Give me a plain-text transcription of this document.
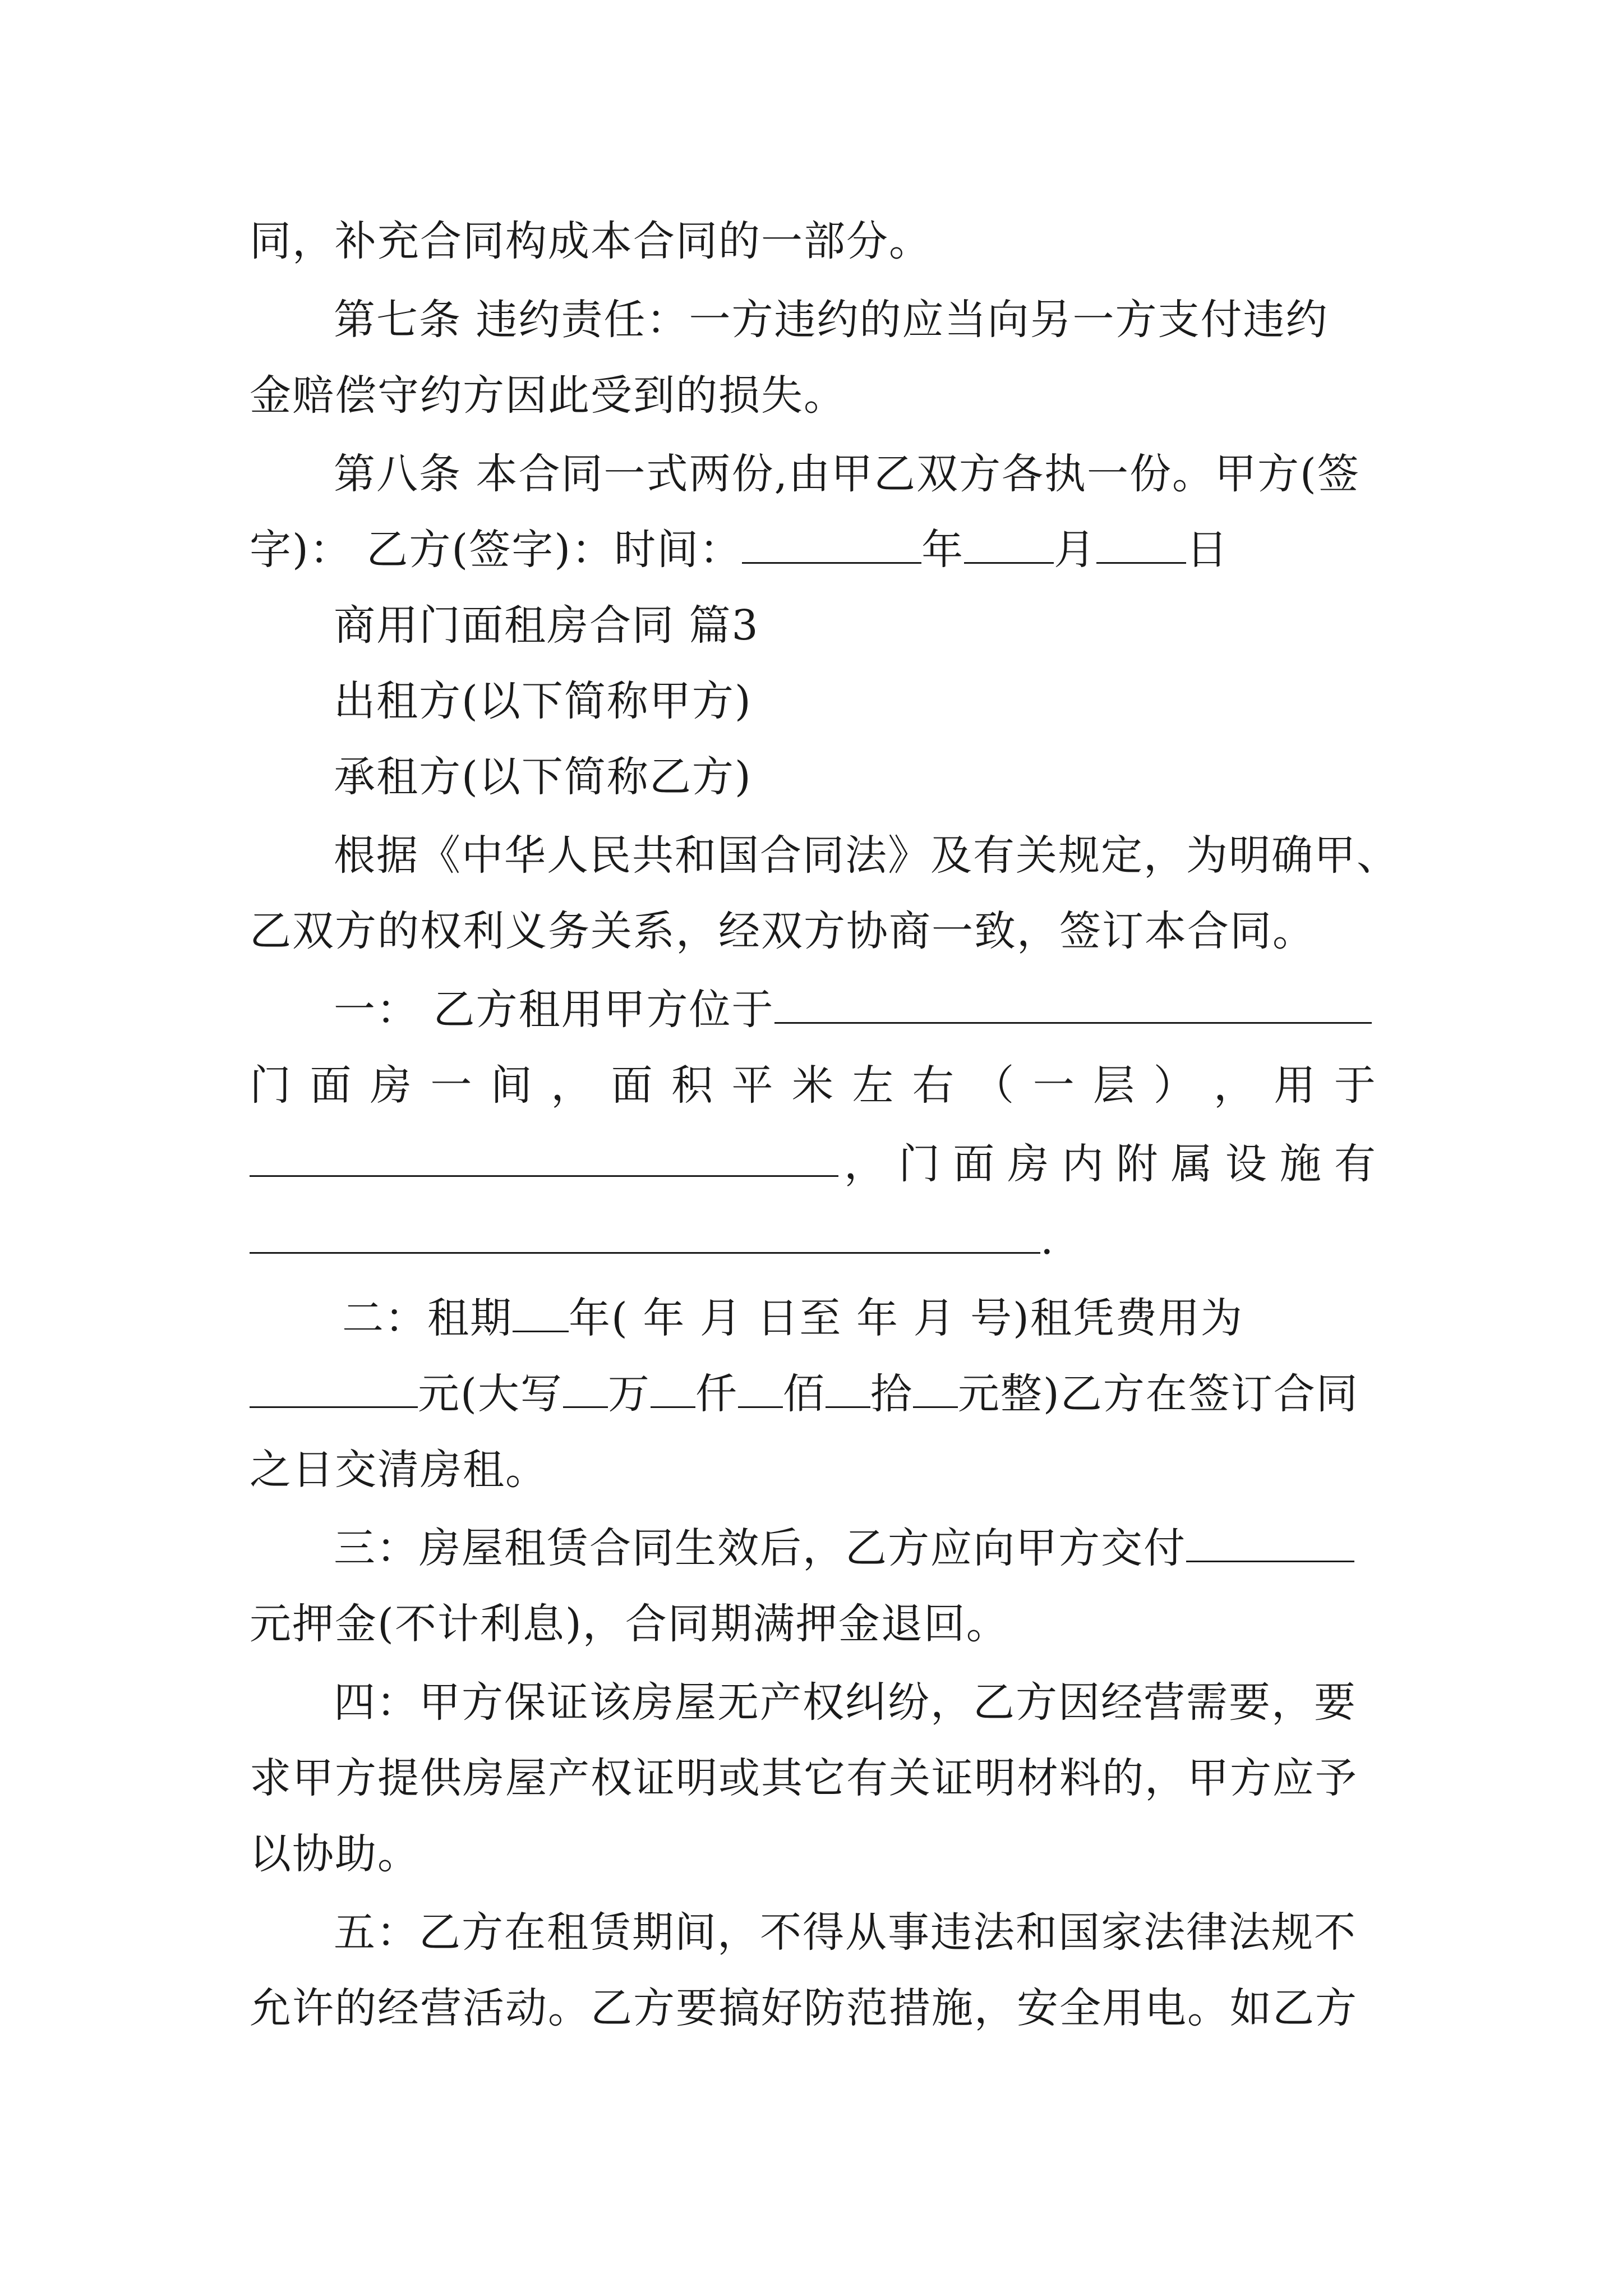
同，补充合同构成本合同的一部分。
第七条 违约责任：一方违约的应当向另一方支付违约
金赔偿守约方因此受到的损失。
第八条 本合同一式两份,由甲乙双方各执一份。甲方(签
字)： 乙方(签字)：时间：	年 月 日
商用门面租房合同 篇3
出租方(以下简称甲方)
承租方(以下简称乙方)
根据《中华人民共和国合同法》及有关规定，为明确甲、
乙双方的权利义务关系，经双方协商一致，签订本合同。
一： 乙方租用甲方位于
门 面 房 一 间 ， 面 积 平 米 左 右 （ 一 层 ） ， 用 于
， 门 面 房 内 附 属 设 施 有
.
二：租期 年( 年 月 日至 年 月 号)租凭费用为
元(大写 万 仟 佰 拾 元整)乙方在签订合同
之日交清房租。
三：房屋租赁合同生效后，乙方应向甲方交付
元押金(不计利息)，合同期满押金退回。
四：甲方保证该房屋无产权纠纷，乙方因经营需要，要
求甲方提供房屋产权证明或其它有关证明材料的，甲方应予
以协助。
五：乙方在租赁期间，不得从事违法和国家法律法规不
允许的经营活动。乙方要搞好防范措施，安全用电。如乙方
